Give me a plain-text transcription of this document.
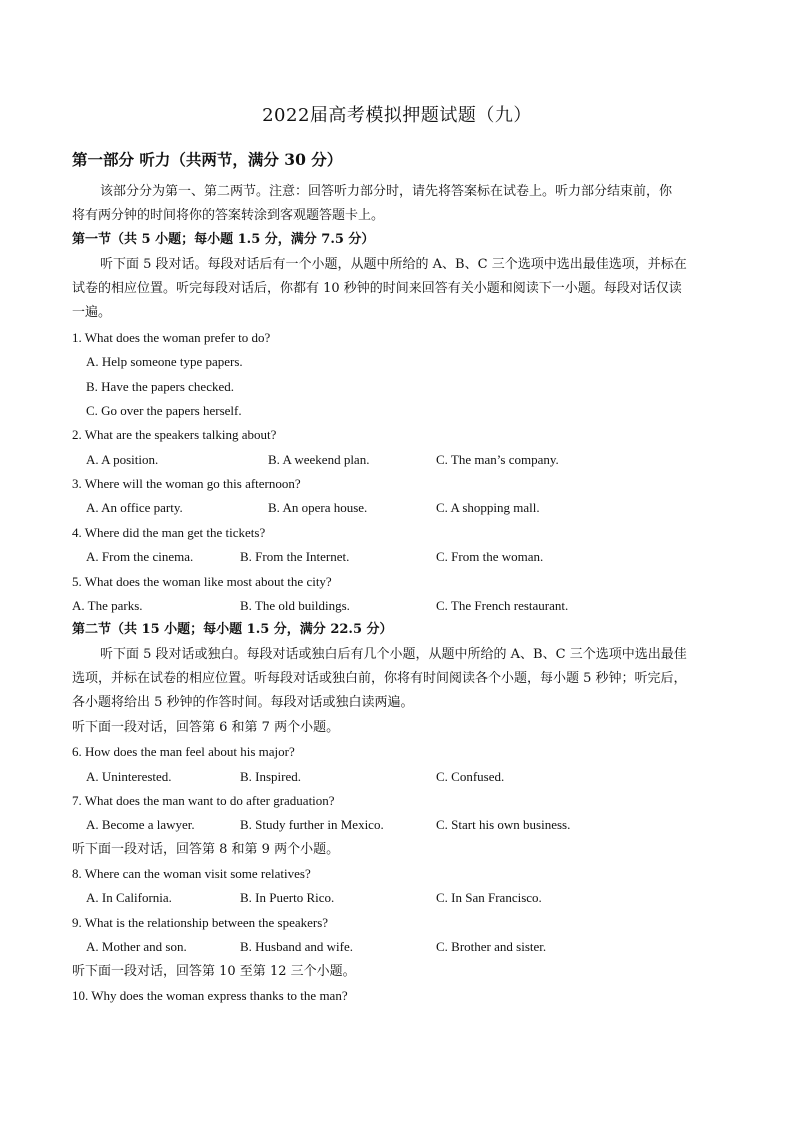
2022届高考模拟押题试题（九）
第一部分 听力（共两节，满分 30 分）
该部分分为第一、第二两节。注意：回答听力部分时，请先将答案标在试卷上。听力部分结束前，你
将有两分钟的时间将你的答案转涂到客观题答题卡上。
第一节（共 5 小题；每小题 1.5 分，满分 7.5 分）
听下面 5 段对话。每段对话后有一个小题，从题中所给的 A、B、C 三个选项中选出最佳选项，并标在
试卷的相应位置。听完每段对话后，你都有 10 秒钟的时间来回答有关小题和阅读下一小题。每段对话仅读
一遍。
1. What does the woman prefer to do?
A. Help someone type papers.
B. Have the papers checked.
C. Go over the papers herself.
2. What are the speakers talking about?
A. A position.	B. A weekend plan.	C. The man’s company.
3. Where will the woman go this afternoon?
A. An office party.	B. An opera house.	C. A shopping mall.
4. Where did the man get the tickets?
A. From the cinema.	B. From the Internet.	C. From the woman.
5. What does the woman like most about the city?
A. The parks.	B. The old buildings.	C. The French restaurant.
第二节（共 15 小题；每小题 1.5 分，满分 22.5 分）
听下面 5 段对话或独白。每段对话或独白后有几个小题，从题中所给的 A、B、C 三个选项中选出最佳
选项，并标在试卷的相应位置。听每段对话或独白前，你将有时间阅读各个小题，每小题 5 秒钟；听完后，
各小题将给出 5 秒钟的作答时间。每段对话或独白读两遍。
听下面一段对话，回答第 6 和第 7 两个小题。
6. How does the man feel about his major?
A. Uninterested.	B. Inspired.	C. Confused.
7. What does the man want to do after graduation?
A. Become a lawyer.	B. Study further in Mexico.	C. Start his own business.
听下面一段对话，回答第 8 和第 9 两个小题。
8. Where can the woman visit some relatives?
A. In California.	B. In Puerto Rico.	C. In San Francisco.
9. What is the relationship between the speakers?
A. Mother and son.	B. Husband and wife.	C. Brother and sister.
听下面一段对话，回答第 10 至第 12 三个小题。
10. Why does the woman express thanks to the man?
